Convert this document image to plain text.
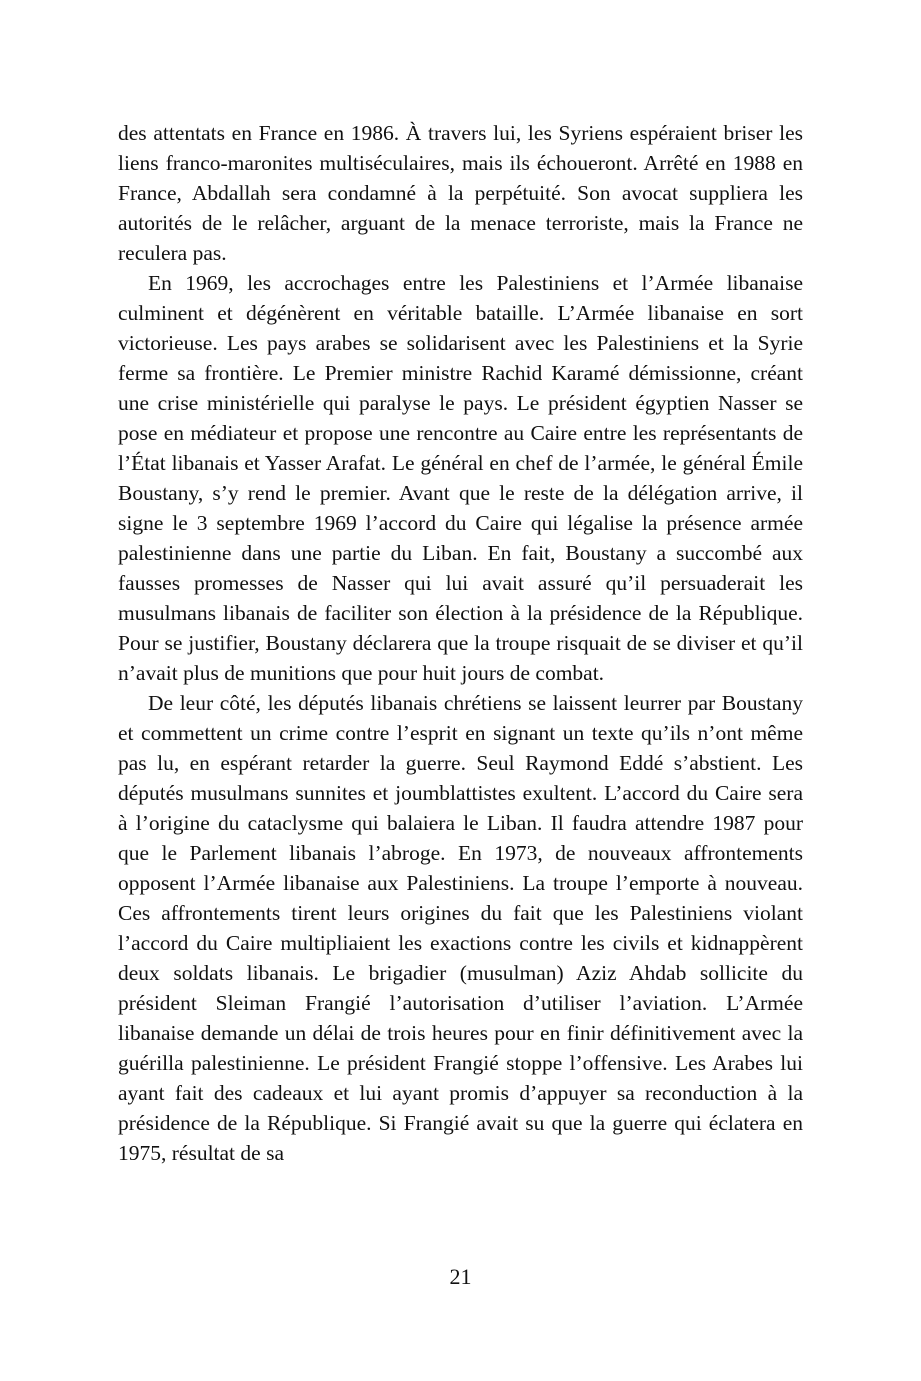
des attentats en France en 1986. À travers lui, les Syriens espéraient briser les liens franco-maronites multiséculaires, mais ils échoueront. Arrêté en 1988 en France, Abdallah sera condamné à la perpétuité. Son avocat suppliera les autorités de le relâcher, arguant de la menace terroriste, mais la France ne reculera pas.

En 1969, les accrochages entre les Palestiniens et l’Armée libanaise culminent et dégénèrent en véritable bataille. L’Armée libanaise en sort victorieuse. Les pays arabes se solidarisent avec les Palestiniens et la Syrie ferme sa frontière. Le Premier ministre Rachid Karamé démissionne, créant une crise ministérielle qui paralyse le pays. Le président égyptien Nasser se pose en médiateur et propose une rencontre au Caire entre les représentants de l’État libanais et Yasser Arafat. Le général en chef de l’armée, le général Émile Boustany, s’y rend le premier. Avant que le reste de la délégation arrive, il signe le 3 septembre 1969 l’accord du Caire qui légalise la présence armée palestinienne dans une partie du Liban. En fait, Boustany a succombé aux fausses promesses de Nasser qui lui avait assuré qu’il persuaderait les musulmans libanais de faciliter son élection à la présidence de la République. Pour se justifier, Boustany déclarera que la troupe risquait de se diviser et qu’il n’avait plus de munitions que pour huit jours de combat.

De leur côté, les députés libanais chrétiens se laissent leurrer par Boustany et commettent un crime contre l’esprit en signant un texte qu’ils n’ont même pas lu, en espérant retarder la guerre. Seul Raymond Eddé s’abstient. Les députés musulmans sunnites et joumblattistes exultent. L’accord du Caire sera à l’origine du cataclysme qui balaiera le Liban. Il faudra attendre 1987 pour que le Parlement libanais l’abroge. En 1973, de nouveaux affrontements opposent l’Armée libanaise aux Palestiniens. La troupe l’emporte à nouveau. Ces affrontements tirent leurs origines du fait que les Palestiniens violant l’accord du Caire multipliaient les exactions contre les civils et kidnappèrent deux soldats libanais. Le brigadier (musulman) Aziz Ahdab sollicite du président Sleiman Frangié l’autorisation d’utiliser l’aviation. L’Armée libanaise demande un délai de trois heures pour en finir définitivement avec la guérilla palestinienne. Le président Frangié stoppe l’offensive. Les Arabes lui ayant fait des cadeaux et lui ayant promis d’appuyer sa reconduction à la présidence de la République. Si Frangié avait su que la guerre qui éclatera en 1975, résultat de sa

21
